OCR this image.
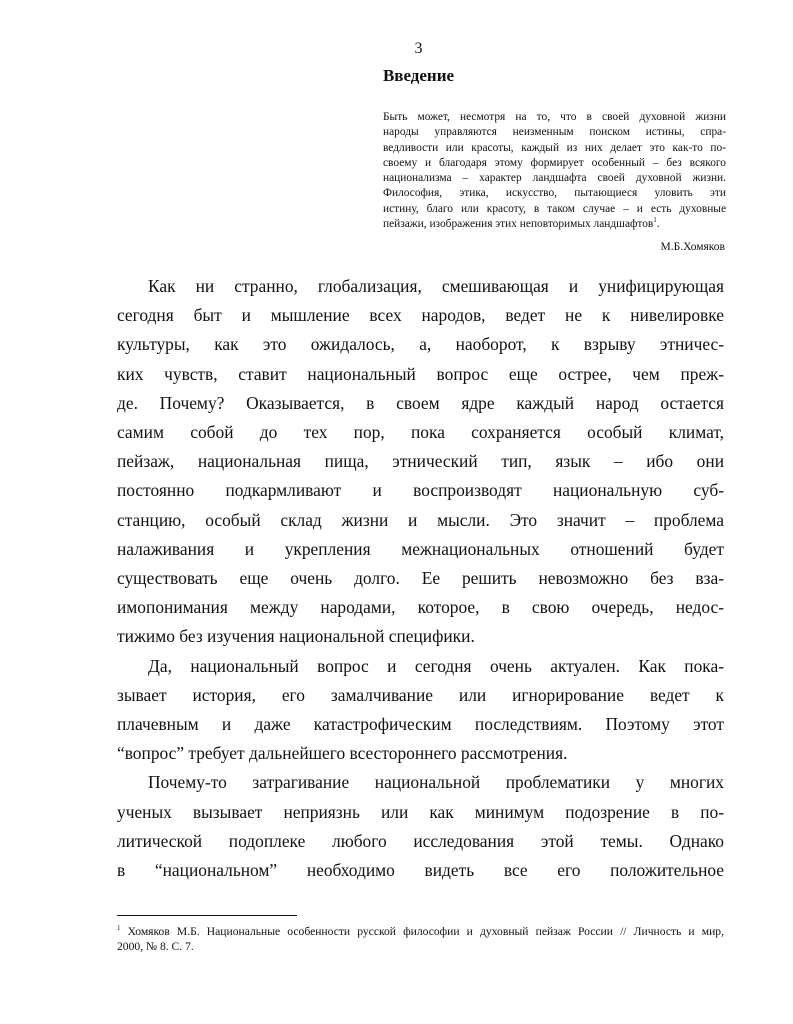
3
Введение
Быть может, несмотря на то, что в своей духовной жизни
народы управляются неизменным поиском истины, спра-
ведливости или красоты, каждый из них делает это как-то по-
своему и благодаря этому формирует особенный – без всякого
национализма – характер ландшафта своей духовной жизни.
Философия, этика, искусство, пытающиеся уловить эти
истину, благо или красоту, в таком случае – и есть духовные
пейзажи, изображения этих неповторимых ландшафтов$^1$.
М.Б.Хомяков

Как ни странно, глобализация, смешивающая и унифицирующая
сегодня быт и мышление всех народов, ведет не к нивелировке
культуры, как это ожидалось, а, наоборот, к взрыву этничес-
ких чувств, ставит национальный вопрос еще острее, чем преж-
де. Почему? Оказывается, в своем ядре каждый народ остается
самим собой до тех пор, пока сохраняется особый климат,
пейзаж, национальная пища, этнический тип, язык – ибо они
постоянно подкармливают и воспроизводят национальную суб-
станцию, особый склад жизни и мысли. Это значит – проблема
налаживания и укрепления межнациональных отношений будет
существовать еще очень долго. Ее решить невозможно без вза-
имопонимания между народами, которое, в свою очередь, недос-
тижимо без изучения национальной специфики.

Да, национальный вопрос и сегодня очень актуален. Как пока-
зывает история, его замалчивание или игнорирование ведет к
плачевным и даже катастрофическим последствиям. Поэтому этот
“вопрос” требует дальнейшего всестороннего рассмотрения.

Почему-то затрагивание национальной проблематики у многих
ученых вызывает неприязнь или как минимум подозрение в по-
литической подоплеке любого исследования этой темы. Однако
в “национальном” необходимо видеть все его положительное

$^1$ Хомяков М.Б. Национальные особенности русской философии и духовный пейзаж России // Личность и мир,
2000, № 8. С. 7.
